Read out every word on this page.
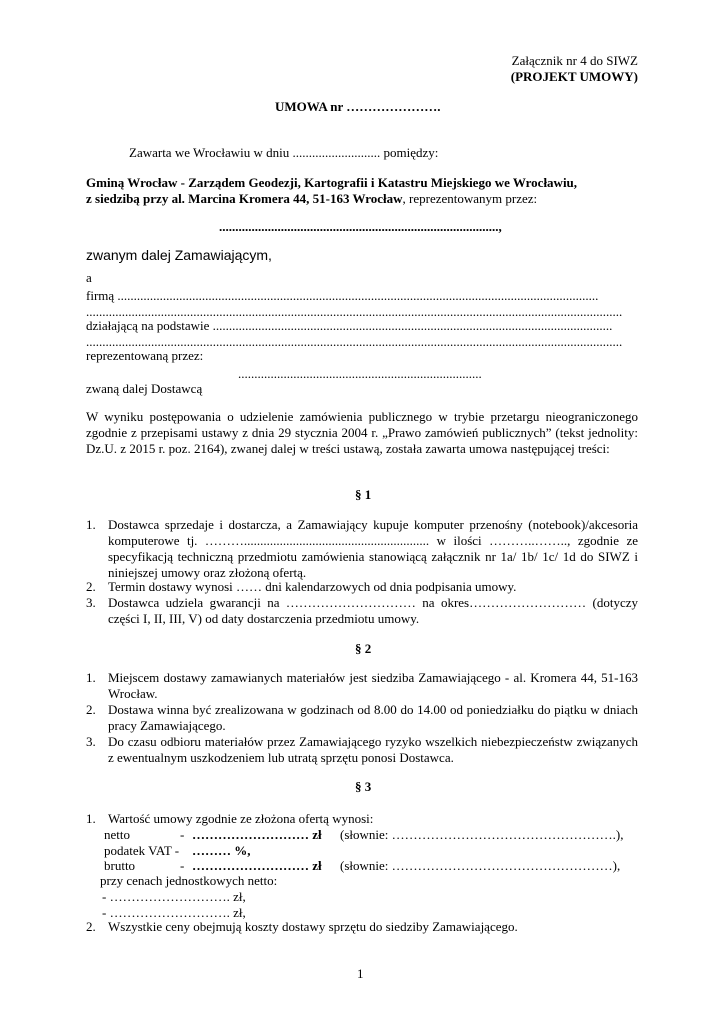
Załącznik nr 4 do SIWZ
(PROJEKT UMOWY)
UMOWA nr ………………….
Zawarta we Wrocławiu w dniu ........................... pomiędzy:
Gminą Wrocław - Zarządem Geodezji, Kartografii i Katastru Miejskiego we Wrocławiu,
z siedzibą przy al. Marcina Kromera 44, 51-163 Wrocław, reprezentowanym przez:
......................................................................................,
zwanym dalej Zamawiającym,
a
firmą ....................................................................................................................................................
.....................................................................................................................................................................
działającą na podstawie ...........................................................................................................................
.....................................................................................................................................................................
reprezentowaną przez:
...........................................................................
zwaną dalej Dostawcą
W wyniku postępowania o udzielenie zamówienia publicznego w trybie przetargu nieograniczonego zgodnie z przepisami ustawy z dnia 29 stycznia 2004 r. „Prawo zamówień publicznych” (tekst jednolity: Dz.U. z 2015 r. poz. 2164), zwanej dalej w treści ustawą, została zawarta umowa następującej treści:
§ 1
1. Dostawca sprzedaje i dostarcza, a Zamawiający kupuje komputer przenośny (notebook)/akcesoria komputerowe tj. ………......................................................... w ilości ………..…….., zgodnie ze specyfikacją techniczną przedmiotu zamówienia stanowiącą załącznik nr 1a/ 1b/ 1c/ 1d do SIWZ i niniejszej umowy oraz złożoną ofertą.
2. Termin dostawy wynosi …… dni kalendarzowych od dnia podpisania umowy.
3. Dostawca udziela gwarancji na ………………………… na okres……………………… (dotyczy części I, II, III, V) od daty dostarczenia przedmiotu umowy.
§ 2
1. Miejscem dostawy zamawianych materiałów jest siedziba Zamawiającego - al. Kromera 44, 51-163 Wrocław.
2. Dostawa winna być zrealizowana w godzinach od 8.00 do 14.00 od poniedziałku do piątku w dniach pracy Zamawiającego.
3. Do czasu odbioru materiałów przez Zamawiającego ryzyko wszelkich niebezpieczeństw związanych z ewentualnym uszkodzeniem lub utratą sprzętu ponosi Dostawca.
§ 3
1. Wartość umowy zgodnie ze złożona ofertą wynosi:
netto	- ……………………… zł (słownie: …………………………………………….),
podatek VAT - ……… %,
brutto	- ……………………… zł (słownie: ……………………………………………),
przy cenach jednostkowych netto:
- ………………………. zł,
- ………………………. zł,
2. Wszystkie ceny obejmują koszty dostawy sprzętu do siedziby Zamawiającego.
1
